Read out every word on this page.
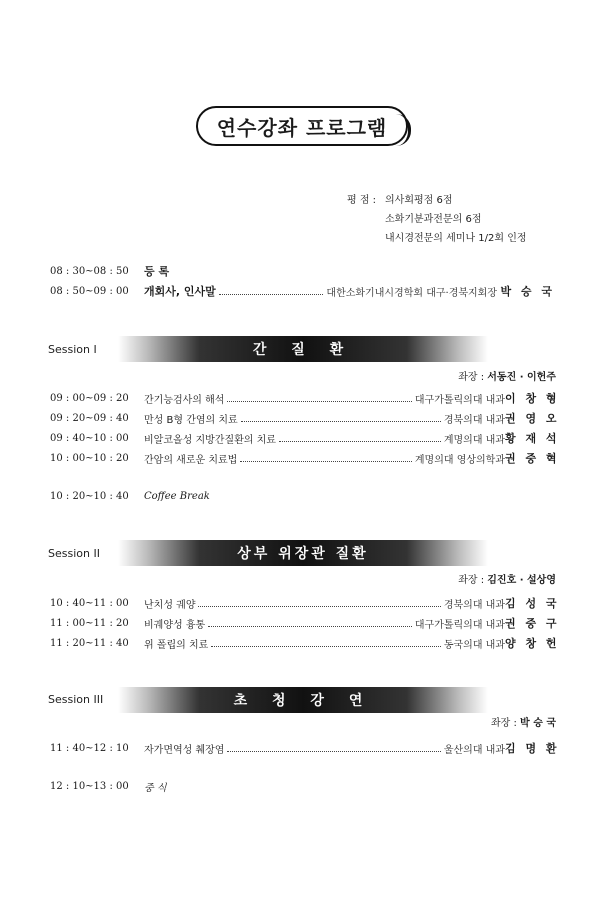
연수강좌 프로그램
평 점 : 의사회평점 6점
소화기분과전문의 6점
내시경전문의 세미나 1/2회 인정
08 : 30~08 : 50	등 록
08 : 50~09 : 00	개회사, 인사말	대한소화기내시경학회 대구·경북지회장 박 승 국
Session I	간 질 환
좌장 : 서동진 · 이헌주
09 : 00~09 : 20	간기능검사의 해석	대구가톨릭의대 내과 이 창 형
09 : 20~09 : 40	만성 B형 간염의 치료	경북의대 내과 권 영 오
09 : 40~10 : 00	비알코올성 지방간질환의 치료	계명의대 내과 황 재 석
10 : 00~10 : 20	간암의 새로운 치료법	계명의대 영상의학과 권 중 혁
10 : 20~10 : 40	Coffee Break
Session II	상부 위장관 질환
좌장 : 김진호 · 설상영
10 : 40~11 : 00	난치성 궤양	경북의대 내과 김 성 국
11 : 00~11 : 20	비궤양성 흉통	대구가톨릭의대 내과 권 중 구
11 : 20~11 : 40	위 폴립의 치료	동국의대 내과 양 창 헌
Session III	초 청 강 연
좌장 : 박 승 국
11 : 40~12 : 10	자가면역성 췌장염	울산의대 내과 김 명 환
12 : 10~13 : 00	중 식
